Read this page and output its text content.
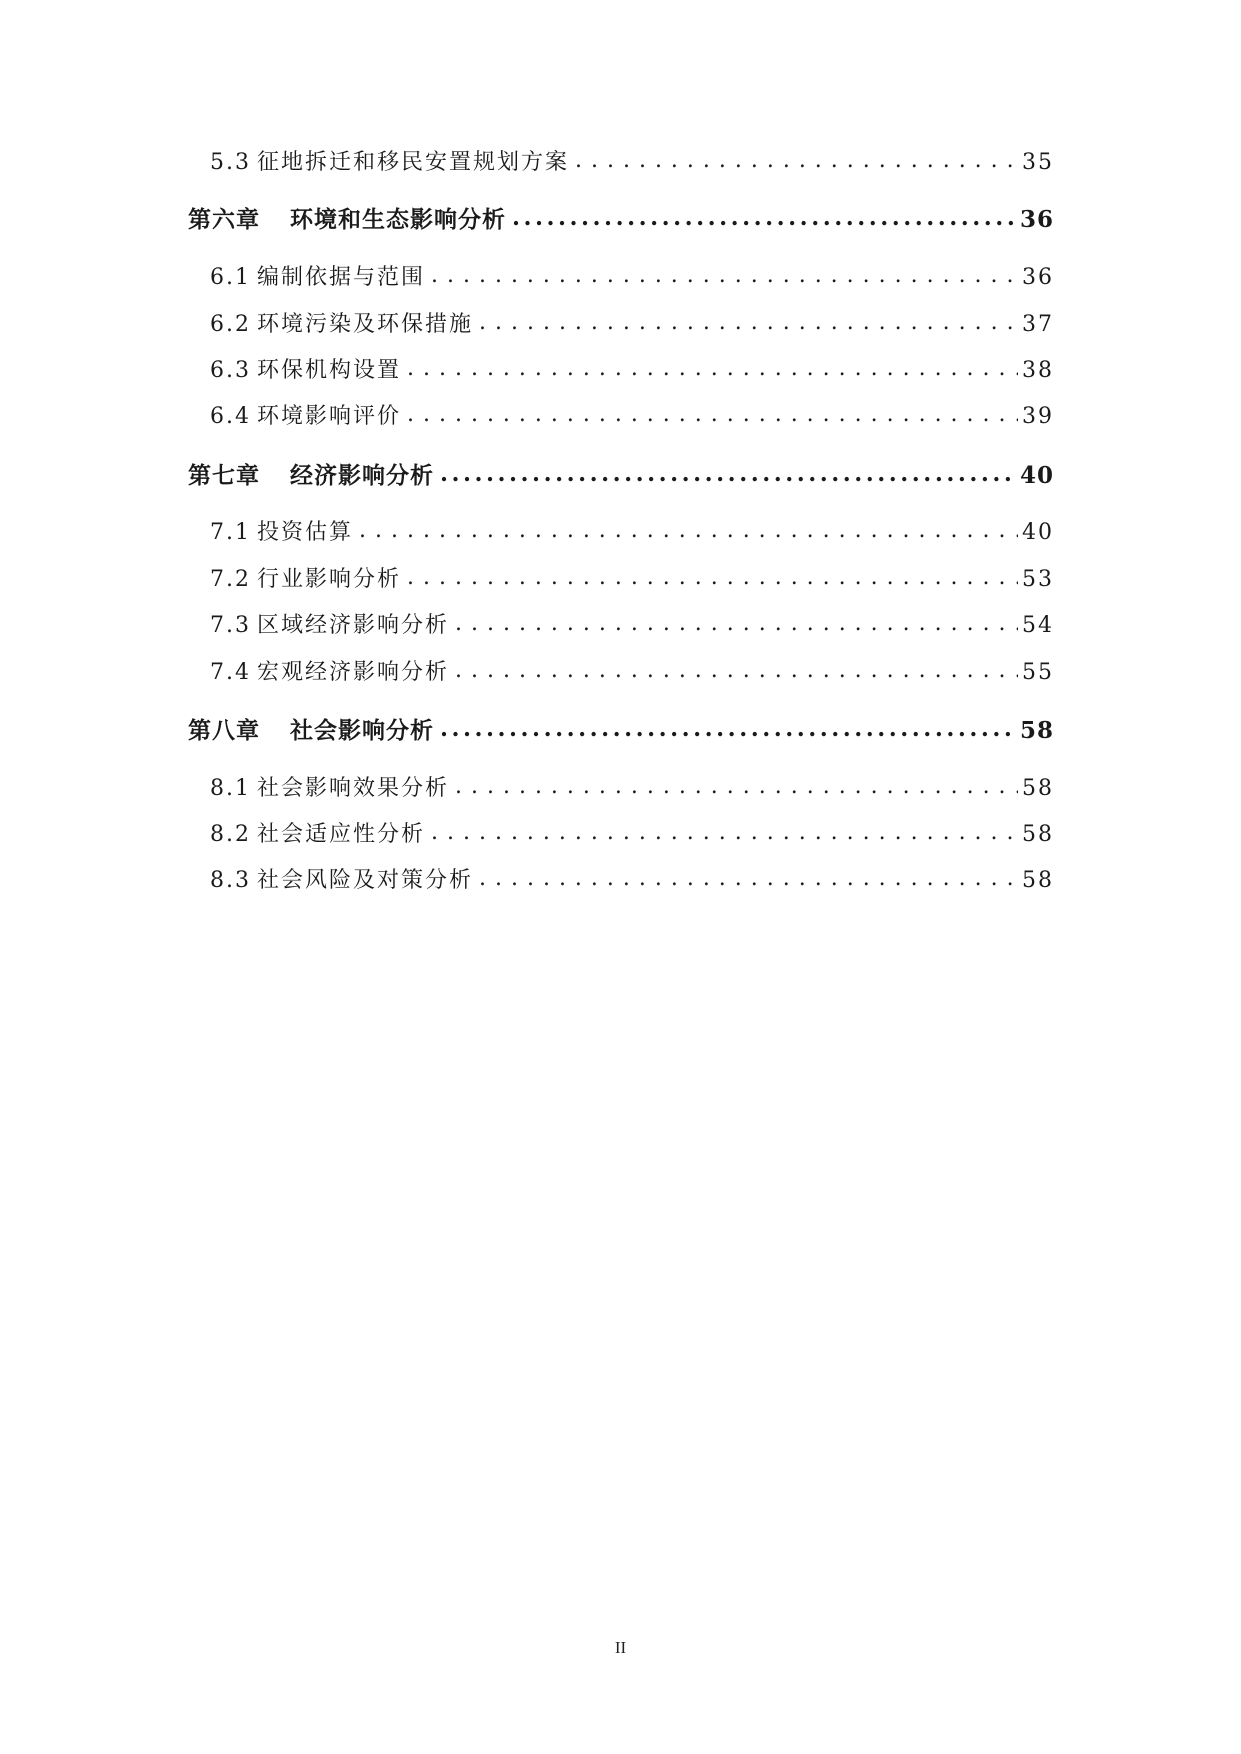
5.3 征地拆迁和移民安置规划方案 . . .	35
第六章 环境和生态影响分析 .....	36
6.1 编制依据与范围 . . .	36
6.2 环境污染及环保措施 . . .	37
6.3 环保机构设置 . . .	38
6.4 环境影响评价 . . .	39
第七章 经济影响分析 .....	40
7.1 投资估算 . . .	40
7.2 行业影响分析 . . .	53
7.3 区域经济影响分析 . . .	54
7.4 宏观经济影响分析 . . .	55
第八章 社会影响分析 .....	58
8.1 社会影响效果分析 . . .	58
8.2 社会适应性分析 . . .	58
8.3 社会风险及对策分析 . . .	58
II
